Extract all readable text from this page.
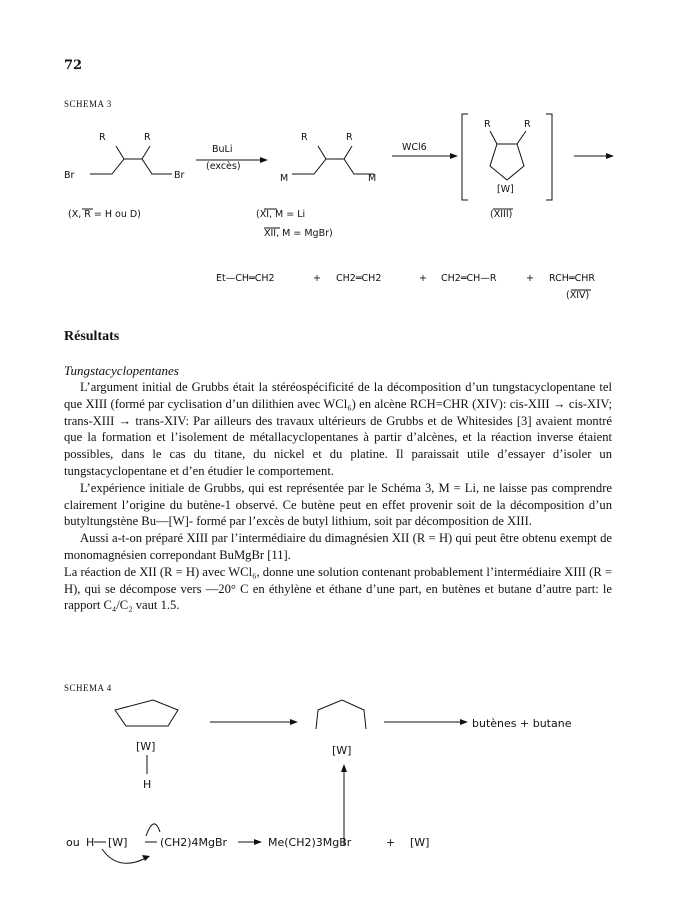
72
SCHEMA 3
R	R
Br	Br
BuLi
(excès)
R	R
M	M
WCl6
R	R
[W]
(X, R = H ou D)	(XI, M = Li
XII, M = MgBr)
(XIII)
Et—CH═CH2	+ CH2═CH2	+ CH2═CH—R	+ RCH═CHR
(XIV)
Résultats
Tungstacyclopentanes

L’argument initial de Grubbs était la stéréospécificité de la décomposition d’un tungstacyclopentane tel que XIII (formé par cyclisation d’un dilithien avec WCl₆) en alcène RCH=CHR (XIV): cis-XIII → cis-XIV; trans-XIII → trans-XIV: Par ailleurs des travaux ultérieurs de Grubbs et de Whitesides [3] avaient montré que la formation et l’isolement de métallacyclopentanes à partir d’alcènes, et la réaction inverse étaient possibles, dans le cas du titane, du nickel et du platine. Il paraissait utile d’essayer d’isoler un tungstacyclopentane et d’en étudier le comportement.

L’expérience initiale de Grubbs, qui est représentée par le Schéma 3, M = Li, ne laisse pas comprendre clairement l’origine du butène-1 observé. Ce butène peut en effet provenir soit de la décomposition d’un butyltungstène Bu—[W]- formé par l’excès de butyl lithium, soit par décomposition de XIII.

Aussi a-t-on préparé XIII par l’intermédiaire du dimagnésien XII (R = H) qui peut être obtenu exempt de monomagnésien correpondant BuMgBr [11].

La réaction de XII (R = H) avec WCl₆, donne une solution contenant probablement l’intermédiaire XIII (R = H), qui se décompose vers —20° C en éthylène et éthane d’une part, en butènes et butane d’autre part: le rapport C₄/C₂ vaut 1.5.

SCHEMA 4
[W]
H
[W]
butènes + butane
ou H [W]	(CH2)4MgBr	Me(CH2)3MgBr	+ [W]
